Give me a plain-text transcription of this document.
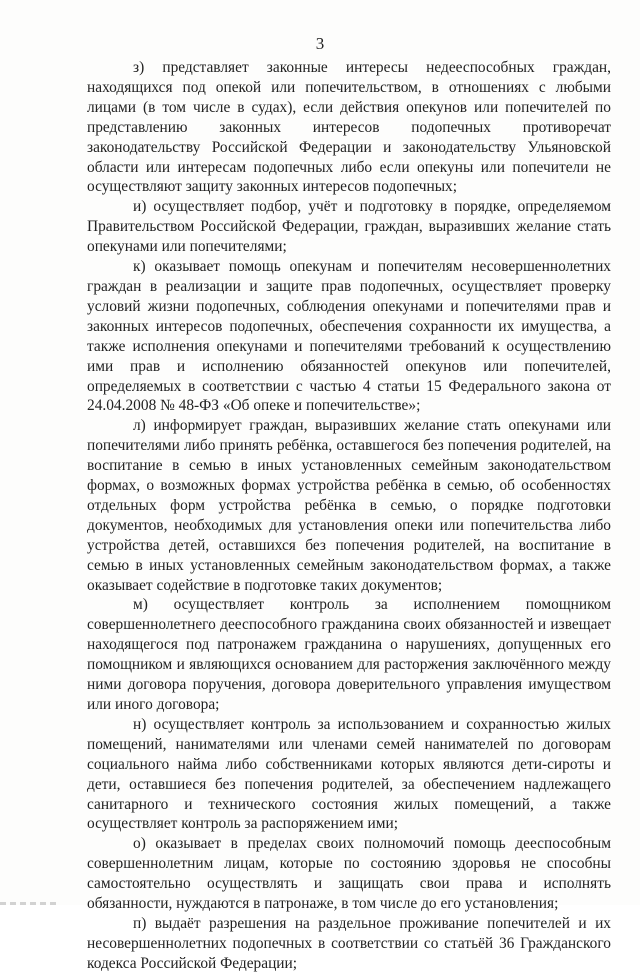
3

з) представляет законные интересы недееспособных граждан, находящихся под опекой или попечительством, в отношениях с любыми лицами (в том числе в судах), если действия опекунов или попечителей по представлению законных интересов подопечных противоречат законодательству Российской Федерации и законодательству Ульяновской области или интересам подопечных либо если опекуны или попечители не осуществляют защиту законных интересов подопечных;

и) осуществляет подбор, учёт и подготовку в порядке, определяемом Правительством Российской Федерации, граждан, выразивших желание стать опекунами или попечителями;

к) оказывает помощь опекунам и попечителям несовершеннолетних граждан в реализации и защите прав подопечных, осуществляет проверку условий жизни подопечных, соблюдения опекунами и попечителями прав и законных интересов подопечных, обеспечения сохранности их имущества, а также исполнения опекунами и попечителями требований к осуществлению ими прав и исполнению обязанностей опекунов или попечителей, определяемых в соответствии с частью 4 статьи 15 Федерального закона от 24.04.2008 № 48-ФЗ «Об опеке и попечительстве»;

л) информирует граждан, выразивших желание стать опекунами или попечителями либо принять ребёнка, оставшегося без попечения родителей, на воспитание в семью в иных установленных семейным законодательством формах, о возможных формах устройства ребёнка в семью, об особенностях отдельных форм устройства ребёнка в семью, о порядке подготовки документов, необходимых для установления опеки или попечительства либо устройства детей, оставшихся без попечения родителей, на воспитание в семью в иных установленных семейным законодательством формах, а также оказывает содействие в подготовке таких документов;

м) осуществляет контроль за исполнением помощником совершеннолетнего дееспособного гражданина своих обязанностей и извещает находящегося под патронажем гражданина о нарушениях, допущенных его помощником и являющихся основанием для расторжения заключённого между ними договора поручения, договора доверительного управления имуществом или иного договора;

н) осуществляет контроль за использованием и сохранностью жилых помещений, нанимателями или членами семей нанимателей по договорам социального найма либо собственниками которых являются дети-сироты и дети, оставшиеся без попечения родителей, за обеспечением надлежащего санитарного и технического состояния жилых помещений, а также осуществляет контроль за распоряжением ими;

о) оказывает в пределах своих полномочий помощь дееспособным совершеннолетним лицам, которые по состоянию здоровья не способны самостоятельно осуществлять и защищать свои права и исполнять обязанности, нуждаются в патронаже, в том числе до его установления;

п) выдаёт разрешения на раздельное проживание попечителей и их несовершеннолетних подопечных в соответствии со статьёй 36 Гражданского кодекса Российской Федерации;
